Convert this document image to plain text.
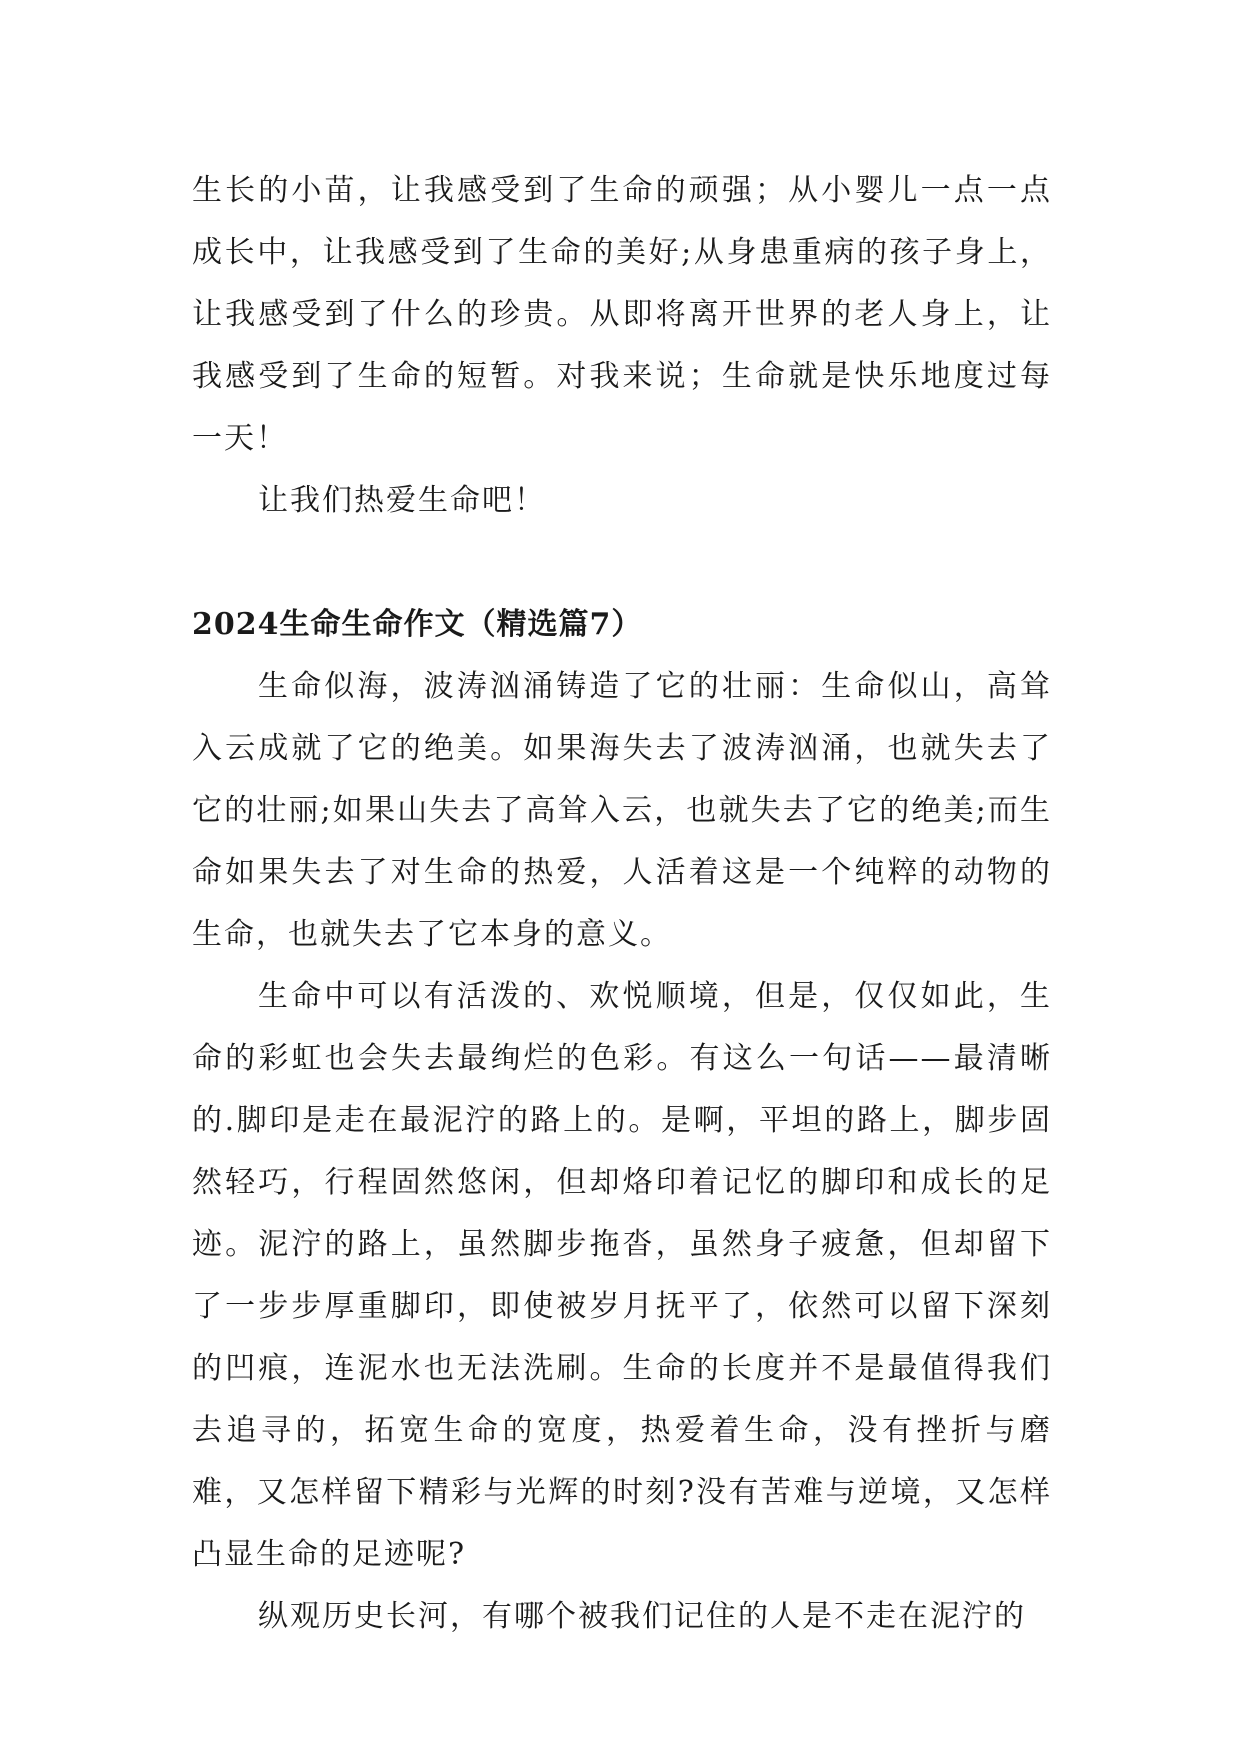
生长的小苗，让我感受到了生命的顽强；从小婴儿一点一点成长中，让我感受到了生命的美好;从身患重病的孩子身上，让我感受到了什么的珍贵。从即将离开世界的老人身上，让我感受到了生命的短暂。对我来说；生命就是快乐地度过每一天！

让我们热爱生命吧！

2024生命生命作文（精选篇7）

生命似海，波涛汹涌铸造了它的壮丽：生命似山，高耸入云成就了它的绝美。如果海失去了波涛汹涌，也就失去了它的壮丽;如果山失去了高耸入云，也就失去了它的绝美;而生命如果失去了对生命的热爱，人活着这是一个纯粹的动物的生命，也就失去了它本身的意义。

生命中可以有活泼的、欢悦顺境，但是，仅仅如此，生命的彩虹也会失去最绚烂的色彩。有这么一句话——最清晰的.脚印是走在最泥泞的路上的。是啊，平坦的路上，脚步固然轻巧，行程固然悠闲，但却烙印着记忆的脚印和成长的足迹。泥泞的路上，虽然脚步拖沓，虽然身子疲惫，但却留下了一步步厚重脚印，即使被岁月抚平了，依然可以留下深刻的凹痕，连泥水也无法洗刷。生命的长度并不是最值得我们去追寻的，拓宽生命的宽度，热爱着生命，没有挫折与磨难，又怎样留下精彩与光辉的时刻?没有苦难与逆境，又怎样凸显生命的足迹呢?

纵观历史长河，有哪个被我们记住的人是不走在泥泞的
